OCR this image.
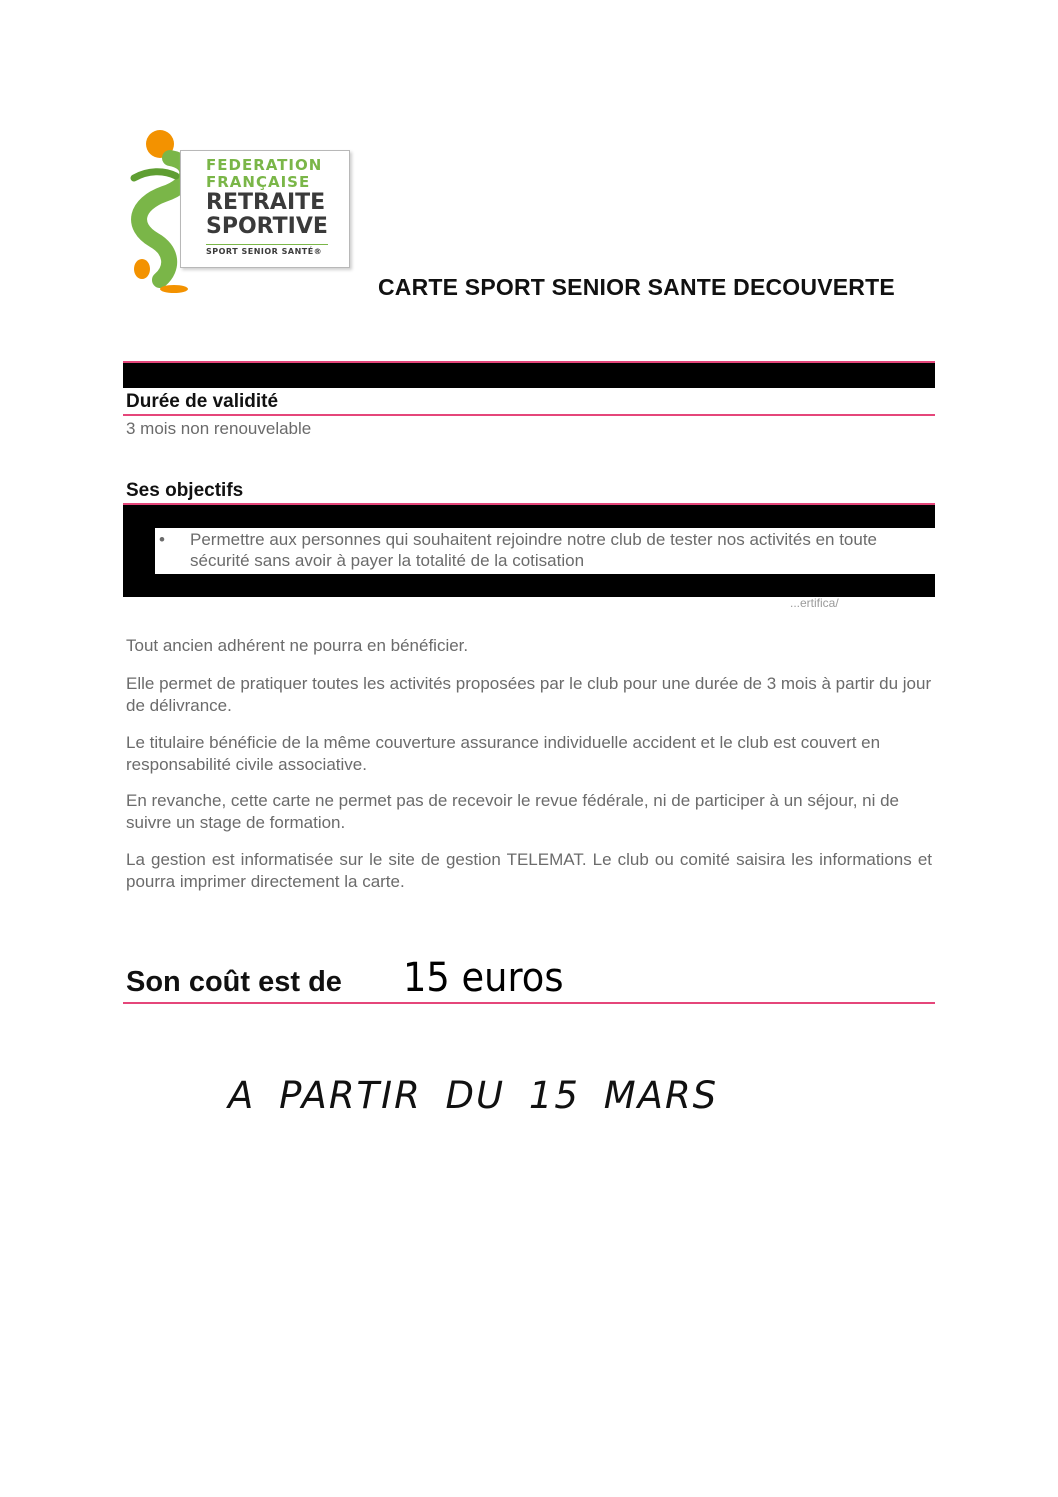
FEDERATION
FRANÇAISE
RETRAITE
SPORTIVE
SPORT SENIOR SANTÉ®
CARTE SPORT SENIOR SANTE DECOUVERTE
Durée de validité
3 mois non renouvelable
Ses objectifs
• Permettre aux personnes qui souhaitent rejoindre notre club de tester nos activités en toute sécurité sans avoir à payer la totalité de la cotisation
...ertifica/
Tout ancien adhérent ne pourra en bénéficier.
Elle permet de pratiquer toutes les activités proposées par le club pour une durée de 3 mois à partir du jour de délivrance.
Le titulaire bénéficie de la même couverture assurance individuelle accident et le club est couvert en responsabilité civile associative.
En revanche, cette carte ne permet pas de recevoir le revue fédérale, ni de participer à un séjour, ni de suivre un stage de formation.
La gestion est informatisée sur le site de gestion TELEMAT. Le club ou comité saisira les informations et pourra imprimer directement la carte.
Son coût est de 15 euros
A PARTIR DU 15 MARS
